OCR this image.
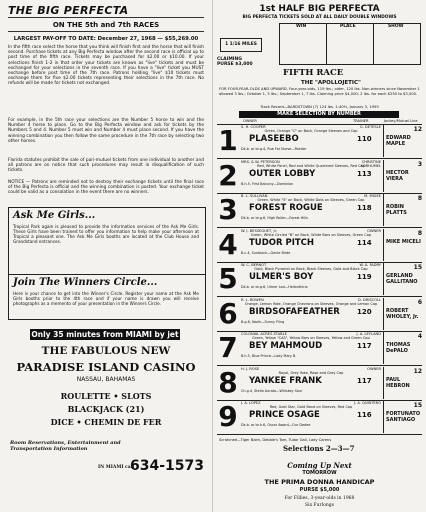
THE BIG PERFECTA
ON THE 5th and 7th RACES
LARGEST PAY-OFF TO DATE: December 27, 1968 — $55,269.00
In the fifth race select the horse that you think will finish first and the horse that will finish second. Purchase tickets at any Big Perfecta window after the second race is official up to post time of the fifth race. Tickets may be purchased for $2.00 or $10.00. If your selections finish 1-2 in that order your tickets are known as "live" tickets and must be exchanged for your selections in the seventh race. If you have a "live" ticket you MUST exchange before post time of the 7th race. Patrons holding "live" $10 tickets must exchange them for five $2.00 tickets representing their selections in the 7th race. No refunds will be made for tickets not exchanged.
For example, in the 5th race your selections are the Number 5 horse to win and the Number 4 horse to place. Go to the Big Perfecta window and ask for tickets by the Numbers 5 and 4. Number 5 must win and Number 4 must place second. If you have the winning combination you then follow the same procedure in the 7th race by selecting two other horses.
Florida statutes prohibit the sale of pari-mutuel tickets from one individual to another and all patrons are on notice that such procedures may result in disqualification of such tickets.
NOTICE — Patrons are reminded not to destroy their exchange tickets until the final race of the Big Perfecta is official and the winning combination is posted. Your exchange ticket could be valid as a consolation in the event there are no winners.
Ask Me Girls...
Tropical Park again is pleased to provide the information services of the Ask Me Girls. These Girls have been trained to offer you information to help make your afternoon at Tropical a pleasant one. The Ask Me Girls booths are located at the Club House and Grandstand entrances.
Join The Winners Circle...
Here is your chance to get into the Winner's Circle. Register your name at the Ask Me Girls booths prior to the 4th race and if your name is drawn you will receive photographs as a memento of your presentation in the Winners Circle.
Only 35 minutes from MIAMI by jet
THE FABULOUS NEW
PARADISE ISLAND CASINO
NASSAU, BAHAMAS
ROULETTE • SLOTS
BLACKJACK (21)
DICE • CHEMIN DE FER
Room Reservations, Entertainment and Transportation Information
IN MIAMI call
634-1573
1st HALF BIG PERFECTA
BIG PERFECTA TICKETS SOLD AT ALL DAILY DOUBLE WINDOWS
WIN	PLACE	SHOW
1 1/16 MILES
CLAIMING
PURSE $3,000
FIFTH RACE
THE "APOLLOJETIC"
FOR FOUR-YEAR-OLDS AND UPWARD. Four-year-olds, 119 lbs.; older, 120 lbs. Non-winners since November 1 allowed 3 lbs.; October 1, 5 lbs.; September 1, 7 lbs. Claiming price $4,000; 2 lbs. for each $250 to $3,500.
Track Record—BARDSTOWN (7) 124 lbs. 1:40⅘, January 3, 1959
MAKE SELECTION BY NUMBER
OWNER	TRAINER	Jockey/Mutuel Line
1 S. H. COOPER	G. DETESLE
Green, Orange "C" on Back, Orange Sleeves and Cap
PLASEEBO	110
Dk.b. or br.g.4, Rue For Nurse—Pointer
12
EDWARD MAPLE
2 MRS. & W. PETERSON	CHRISTINE KORHUMEL
Red, White Panel, Red and White Quartered Sleeves, Red Cap
OUTER LOBBY	113
B.h.5, First Balcony—Dominion
3
HECTOR VIERA
3 B. L. SULLIVAN	M. MIGEE
Green, White "S" on Back, White Dots on Sleeves, Green Cap
FOREST ROGUE	118
Dk.b. or br.g.6, High Roller—Forest Hills
8
ROBIN PLATTS
4 W. J. BESSEGUET, Jr.	OWNER
Green, White Circled "B" on Back, White Bars on Sleeves, Green Cap
TUDOR PITCH	114
B.c.4, Sunblock—Genie Bride
8
MIKE MICELI
5 W. C. BERNOT	W. A. FADRY
Gold, Black Pyramid on Back, Black Sleeves, Gold and Black Cap
ULMER'S BOY	119
Dk.b. or br.g.6, Ulmer Lad—Helianthina
15
GERLAND GALLITANO
6 R. L. BOWEN	D. DRISCOLL
Orange, Lemon Yoke, Orange Chevrons on Sleeves, Orange and Lemon Cap
BIRDSOFAFEATHER 120
B.g.6, Nadir—Sunny Fling
6
ROBERT WHOLEY, Jr.
7 COLONIAL ACRES STABLE	J. A. LEYLAND
Green, Yellow "CAS", Yellow Bars on Sleeves, Yellow and Green Cap
BEY MAHMOUD	117
B.h.5, Blue Prince—Lady Mary B.
4
THOMAS DePALO
8 H. J. ROSE	OWNER
Royal, Grey Yoke, Rose and Grey Cap
YANKEE FRANK	117
Ch.g.4, Stella Aurata—Whiskey Sour
12
PAUL HEBRON
9 J. A. LOPEZ	J. A. QUINTERO
Red, Gold Star, Gold Band on Sleeves, Red Cap
PRINCE OSAGE	116
Dk.b. or br.h.6, Oscar Award—Our Dedee
15
FORTUNATO SANTIAGO
Scratched—Tiger Balm, Debbie's Tam, Tudor Gall, Lady Carens
Selections 2—3—7
Coming Up Next
TOMORROW
THE PRIMA DONNA HANDICAP
PURSE $5,000
For Fillies, 3-year-olds in 1968
Six Furlongs
